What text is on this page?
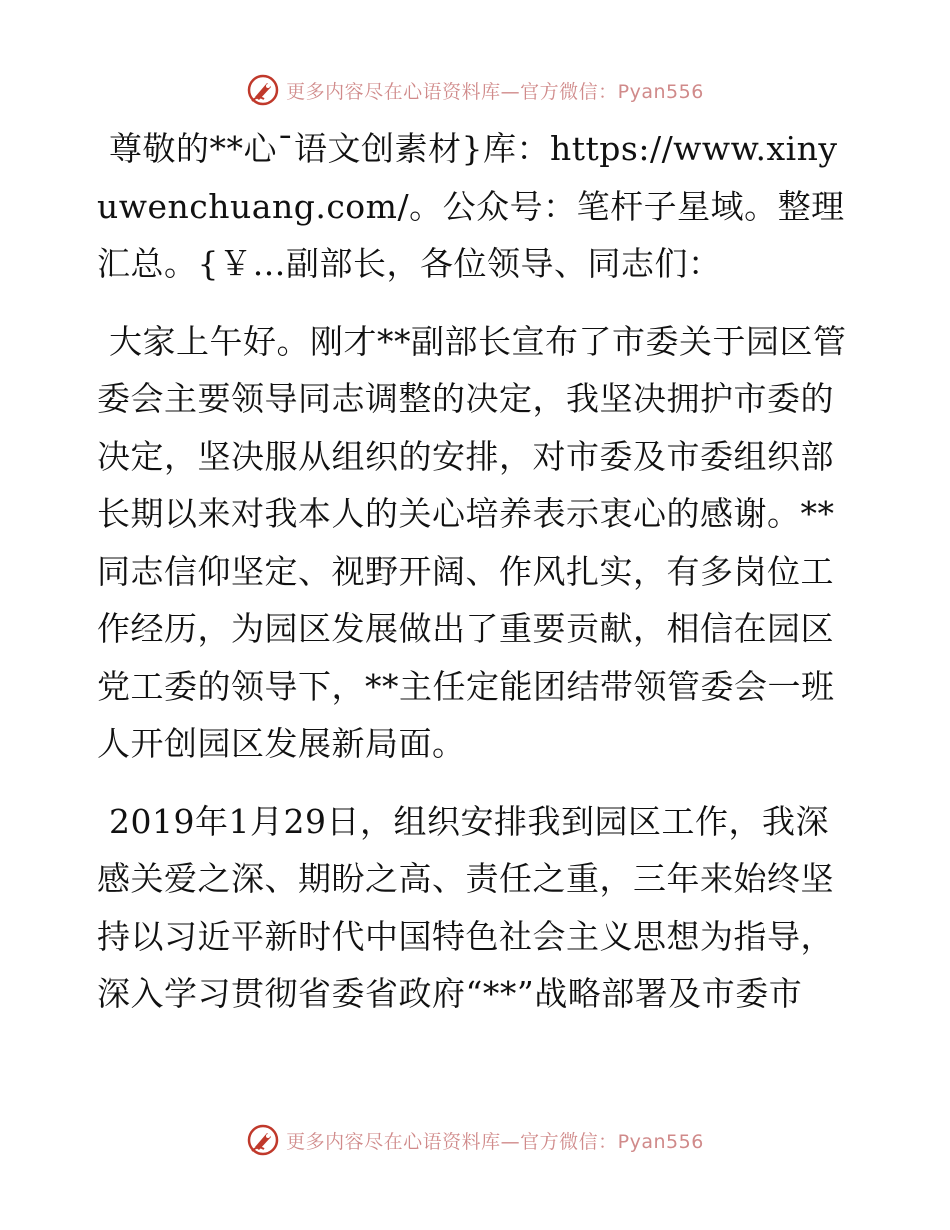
更多内容尽在心语资料库—官方微信：Pyan556

尊敬的**心¯语文创素材}库：https://www.xinyuwenchuang.com/。公众号：笔杆子星域。整理汇总。{￥…副部长，各位领导、同志们：

大家上午好。刚才**副部长宣布了市委关于园区管委会主要领导同志调整的决定，我坚决拥护市委的决定，坚决服从组织的安排，对市委及市委组织部长期以来对我本人的关心培养表示衷心的感谢。**同志信仰坚定、视野开阔、作风扎实，有多岗位工作经历，为园区发展做出了重要贡献，相信在园区党工委的领导下，**主任定能团结带领管委会一班人开创园区发展新局面。

2019年1月29日，组织安排我到园区工作，我深感关爱之深、期盼之高、责任之重，三年来始终坚持以习近平新时代中国特色社会主义思想为指导，深入学习贯彻省委省政府“**”战略部署及市委市

更多内容尽在心语资料库—官方微信：Pyan556
